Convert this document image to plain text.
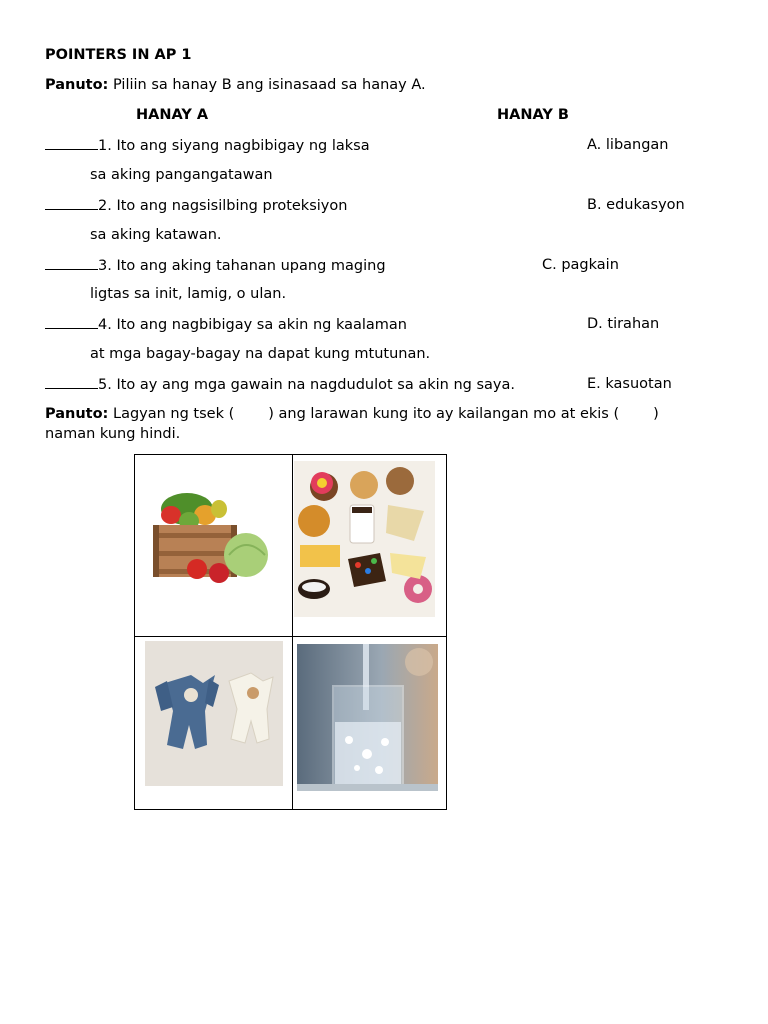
POINTERS IN AP 1
Panuto: Piliin sa hanay B ang isinasaad sa hanay A.
HANAY A	HANAY B
1. Ito ang siyang nagbibigay ng laksa
sa aking pangangatawan
A. libangan
2. Ito ang nagsisilbing proteksiyon
sa aking katawan.
B. edukasyon
3. Ito ang aking tahanan upang maging
ligtas sa init, lamig, o ulan.
C. pagkain
4. Ito ang nagbibigay sa akin ng kaalaman
at mga bagay-bagay na dapat kung mtutunan.
D. tirahan
5. Ito ay ang mga gawain na nagdudulot sa akin ng saya.	E. kasuotan
Panuto: Lagyan ng tsek ( ) ang larawan kung ito ay kailangan mo at ekis ( )
naman kung hindi.
